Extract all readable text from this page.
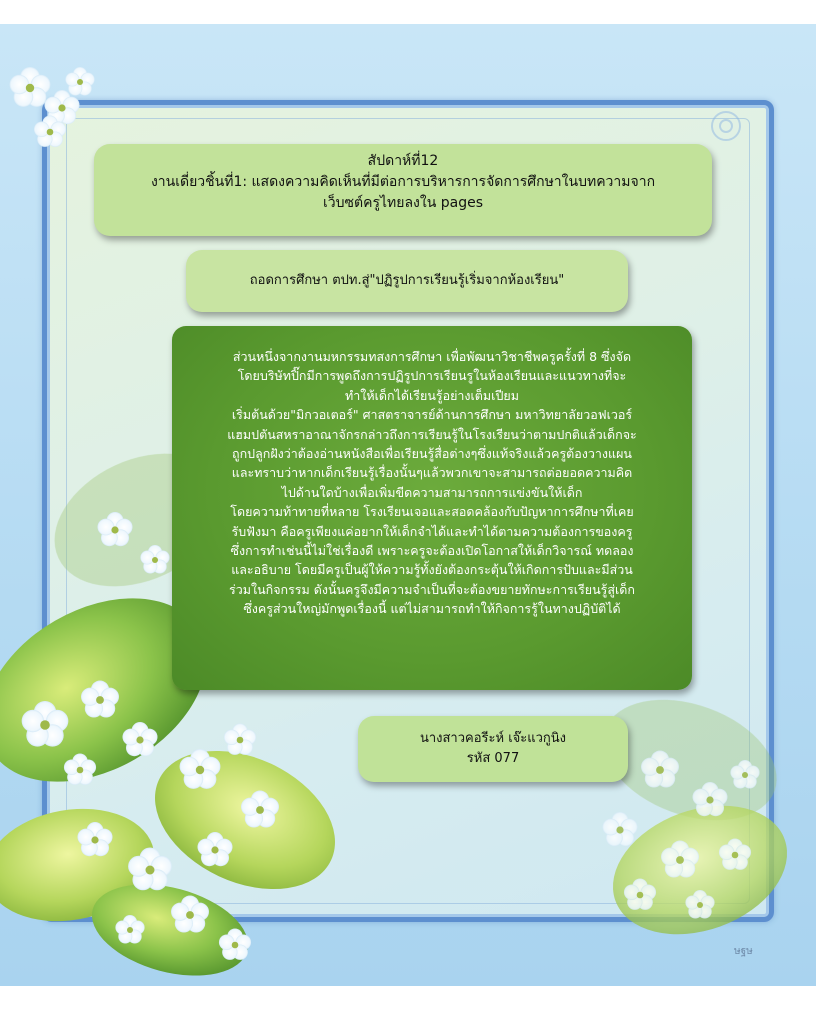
สัปดาห์ที่12
งานเดี่ยวชิ้นที่1: แสดงความคิดเห็นที่มีต่อการบริหารการจัดการศึกษาในบทความจาก
เว็บซต์ครูไทยลงใน pages
ถอดการศึกษา ตปท.สู่"ปฏิรูปการเรียนรู้เริ่มจากห้องเรียน"

ส่วนหนึ่งจากงานมหกรรมทสงการศึกษา เพื่อพัฒนาวิชาชีพครูครั้งที่ 8 ซึ่งจัด

โดยบริษัทปิ๊กมีการพูดถึงการปฏิรูปการเรียนรูในห้องเรียนและแนวทางที่จะ

ทำให้เด็กได้เรียนรู้อย่างเต็มเปียม

เริ่มต้นด้วย"มิกวอเตอร์" ศาสตราจารย์ด้านการศึกษา มหาวิทยาลัยวอฟเวอร์

แฮมปตันสหราอาณาจักรกล่าวถึงการเรียนรู้ในโรงเรียนว่าตามปกติแล้วเด็กจะ

ถูกปลูกฝังว่าต้องอ่านหนังสือเพื่อเรียนรู้สื่อต่างๆซึ่งแท้จริงแล้วครูต้องวางแผน

และทราบว่าหากเด็กเรียนรู้เรื่องนั้นๆแล้วพวกเขาจะสามารถต่อยอดความคิด

ไปด้านใดบ้างเพื่อเพิ่มขีดความสามารถการแข่งขันให้เด็ก

โดยความท้าทายที่หลาย โรงเรียนเจอและสอดคล้องกับปัญหาการศึกษาที่เคย

รับฟังมา คือครูเพียงแค่อยากให้เด็กจำได้และทำได้ตามความต้องการของครู

ซึ่งการทำเช่นนี้ไม่ใช่เรื่องดี เพราะครูจะต้องเปิดโอกาสให้เด็กวิจารณ์ ทดลอง

และอธิบาย โดยมีครูเป็นผู้ให้ความรู้ทั้งยังต้องกระตุ้นให้เกิดการปับและมีส่วน

ร่วมในกิจกรรม ดังนั้นครูจึงมีความจำเป็นที่จะต้องขยายทักษะการเรียนรู้สู่เด็ก

ซึ่งครูส่วนใหญ่มักพูดเรื่องนี้ แต่ไม่สามารถทำให้กิจการรู้ในทางปฏิบัติได้

นางสาวคอรีะห์ เจ๊ะแวกูนิง
รหัส 077
ษฐษ
